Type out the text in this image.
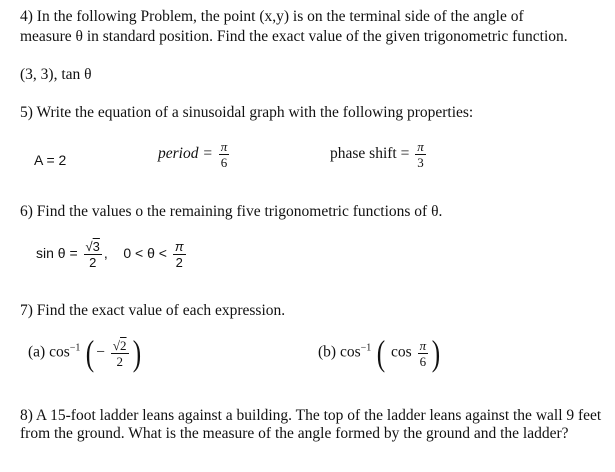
4) In the following Problem, the point (x,y) is on the terminal side of the angle of
measure θ in standard position. Find the exact value of the given trigonometric function.
(3, 3), tan θ
5) Write the equation of a sinusoidal graph with the following properties:
A = 2	period = $\frac{\pi}{6}$	phase shift = $\frac{\pi}{3}$
6) Find the values o the remaining five trigonometric functions of θ.
$\sin \theta = \frac{√3}{2}$ , $0 < \theta < \frac{\pi}{2}$
7) Find the exact value of each expression.
(a) $\cos^{-1}$ ( − $\frac{√2}{2}$ )	(b) $\cos^{-1}$ ( $\cos \frac{\pi}{6}$ )
8) A 15-foot ladder leans against a building. The top of the ladder leans against the wall 9 feet from the ground. What is the measure of the angle formed by the ground and the ladder?
